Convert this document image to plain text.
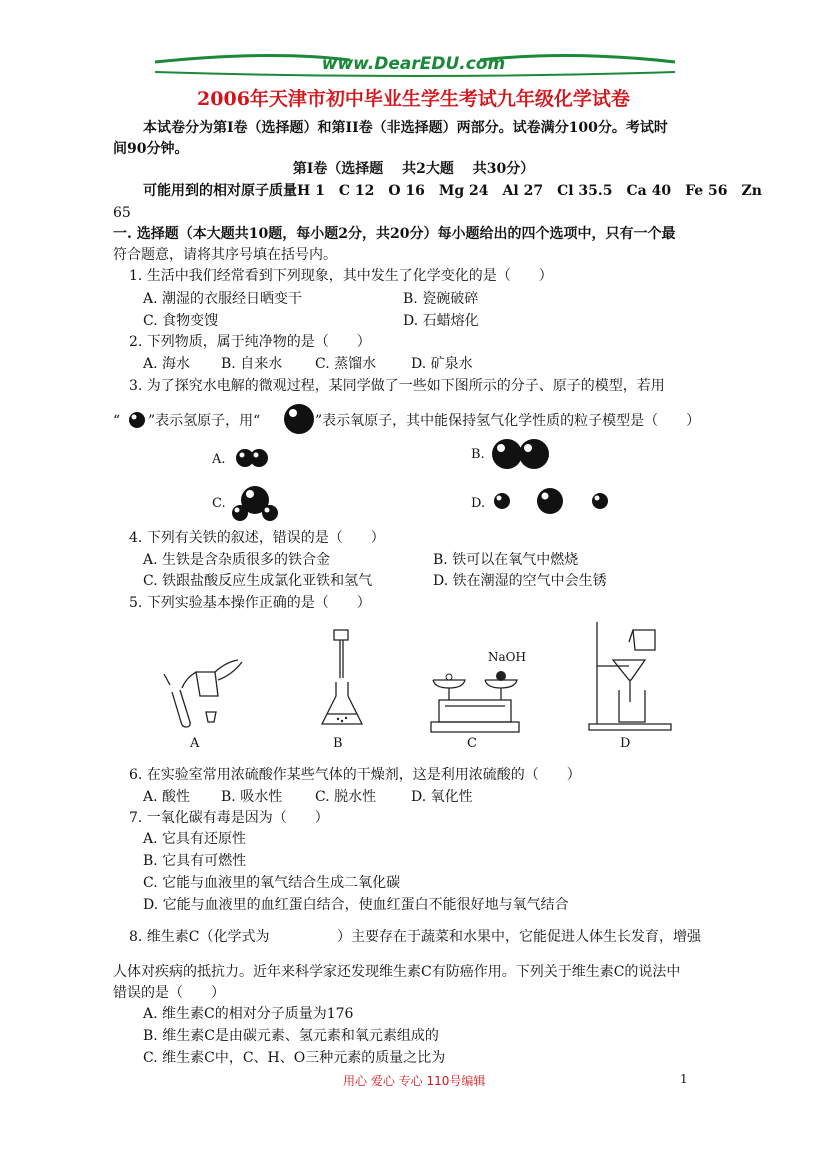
www.DearEDU.com
2006年天津市初中毕业生学生考试九年级化学试卷
本试卷分为第I卷（选择题）和第II卷（非选择题）两部分。试卷满分100分。考试时
间90分钟。
第I卷（选择题　 共2大题　 共30分）
可能用到的相对原子质量H 1　C 12　O 16　Mg 24　Al 27　Cl 35.5　Ca 40　Fe 56　Zn
65
一. 选择题（本大题共10题，每小题2分，共20分）每小题给出的四个选项中，只有一个最
符合题意，请将其序号填在括号内。
1. 生活中我们经常看到下列现象，其中发生了化学变化的是（　　）
A. 潮湿的衣服经日晒变干	B. 瓷碗破碎
C. 食物变馊	D. 石蜡熔化
2. 下列物质，属于纯净物的是（　　）
A. 海水 B. 自来水 C. 蒸馏水 D. 矿泉水
3. 为了探究水电解的微观过程，某同学做了一些如下图所示的分子、原子的模型，若用
“ ”表示氢原子，用“	”表示氧原子，其中能保持氢气化学性质的粒子模型是（　　）
A.	B.
C.	D.
4. 下列有关铁的叙述，错误的是（　　）
A. 生铁是含杂质很多的铁合金	B. 铁可以在氧气中燃烧
C. 铁跟盐酸反应生成氯化亚铁和氢气	D. 铁在潮湿的空气中会生锈
5. 下列实验基本操作正确的是（　　）
NaOH
A	B	C	D
6. 在实验室常用浓硫酸作某些气体的干燥剂，这是利用浓硫酸的（　　）
A. 酸性 B. 吸水性 C. 脱水性 D. 氧化性
7. 一氧化碳有毒是因为（　　）
A. 它具有还原性
B. 它具有可燃性
C. 它能与血液里的氧气结合生成二氧化碳
D. 它能与血液里的血红蛋白结合，使血红蛋白不能很好地与氧气结合
8. 维生素C（化学式为	）主要存在于蔬菜和水果中，它能促进人体生长发育，增强
人体对疾病的抵抗力。近年来科学家还发现维生素C有防癌作用。下列关于维生素C的说法中
错误的是（　　）
A. 维生素C的相对分子质量为176
B. 维生素C是由碳元素、氢元素和氧元素组成的
C. 维生素C中，C、H、O三种元素的质量之比为
用心 爱心 专心 110号编辑	1
